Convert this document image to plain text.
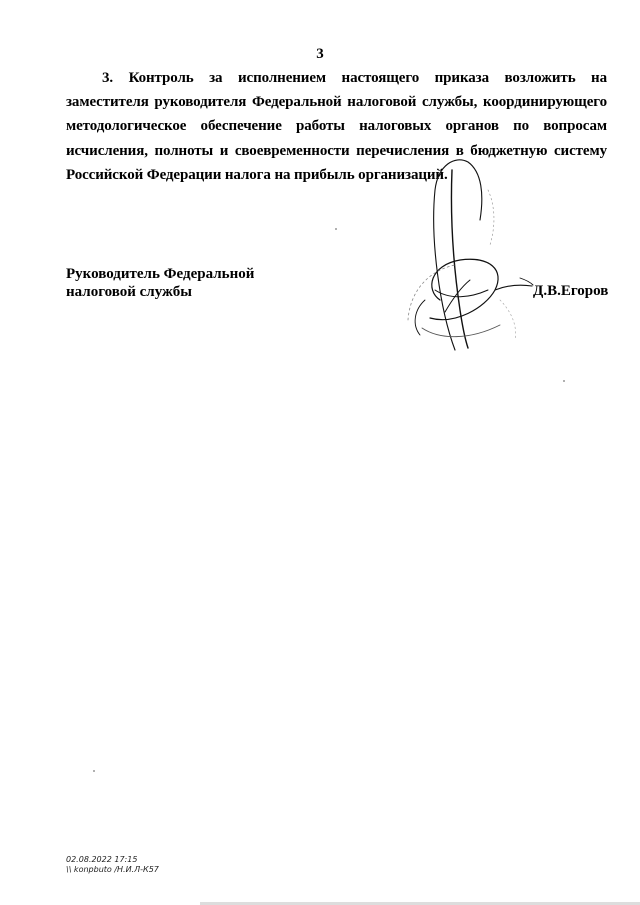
3

3. Контроль за исполнением настоящего приказа возложить на заместителя руководителя Федеральной налоговой службы, координирующего методологическое обеспечение работы налоговых органов по вопросам исчисления, полноты и своевременности перечисления в бюджетную систему Российской Федерации налога на прибыль организаций.

Руководитель Федеральной
налоговой службы	Д.В.Егоров
02.08.2022 17:15
\\ konpbuto /Н.И.Л-К57
